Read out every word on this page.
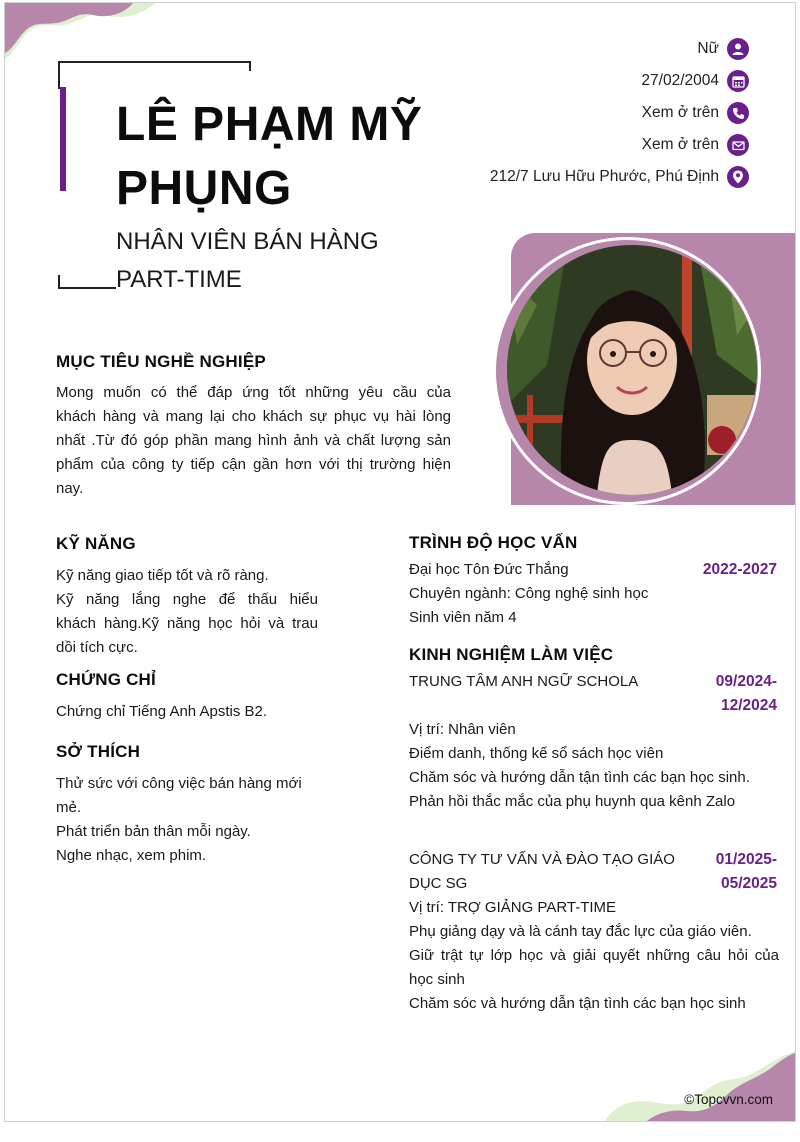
LÊ PHẠM MỸ
PHỤNG
NHÂN VIÊN BÁN HÀNG
PART-TIME
Nữ
27/02/2004
Xem ở trên
Xem ở trên
212/7 Lưu Hữu Phước, Phú Định
MỤC TIÊU NGHỀ NGHIỆP
Mong muốn có thể đáp ứng tốt những yêu cầu của
khách hàng và mang lại cho khách sự phục vụ hài lòng
nhất .Từ đó góp phần mang hình ảnh và chất lượng sản
phẩm của công ty tiếp cận gần hơn với thị trường hiện
nay.
KỸ NĂNG
Kỹ năng giao tiếp tốt và rõ ràng.
Kỹ năng lắng nghe để thấu hiểu
khách hàng.Kỹ năng học hỏi và trau
dồi tích cực.
CHỨNG CHỈ
Chứng chỉ Tiếng Anh Apstis B2.
SỞ THÍCH
Thử sức với công việc bán hàng mới
mẻ.
Phát triển bản thân mỗi ngày.
Nghe nhạc, xem phim.
TRÌNH ĐỘ HỌC VẤN
Đại học Tôn Đức Thắng	2022-2027
Chuyên ngành: Công nghệ sinh học
Sinh viên năm 4
KINH NGHIỆM LÀM VIỆC
TRUNG TÂM ANH NGỮ SCHOLA	09/2024-
12/2024
Vị trí: Nhân viên
Điểm danh, thống kế sổ sách học viên
Chăm sóc và hướng dẫn tận tình các bạn học sinh.
Phản hồi thắc mắc của phụ huynh qua kênh Zalo
CÔNG TY TƯ VẤN VÀ ĐÀO TẠO GIÁO
DỤC SG
01/2025-
05/2025
Vị trí: TRỢ GIẢNG PART-TIME
Phụ giảng dạy và là cánh tay đắc lực của giáo viên.
Giữ trật tự lớp học và giải quyết những câu hỏi của
học sinh
Chăm sóc và hướng dẫn tận tình các bạn học sinh
©Topcvvn.com
